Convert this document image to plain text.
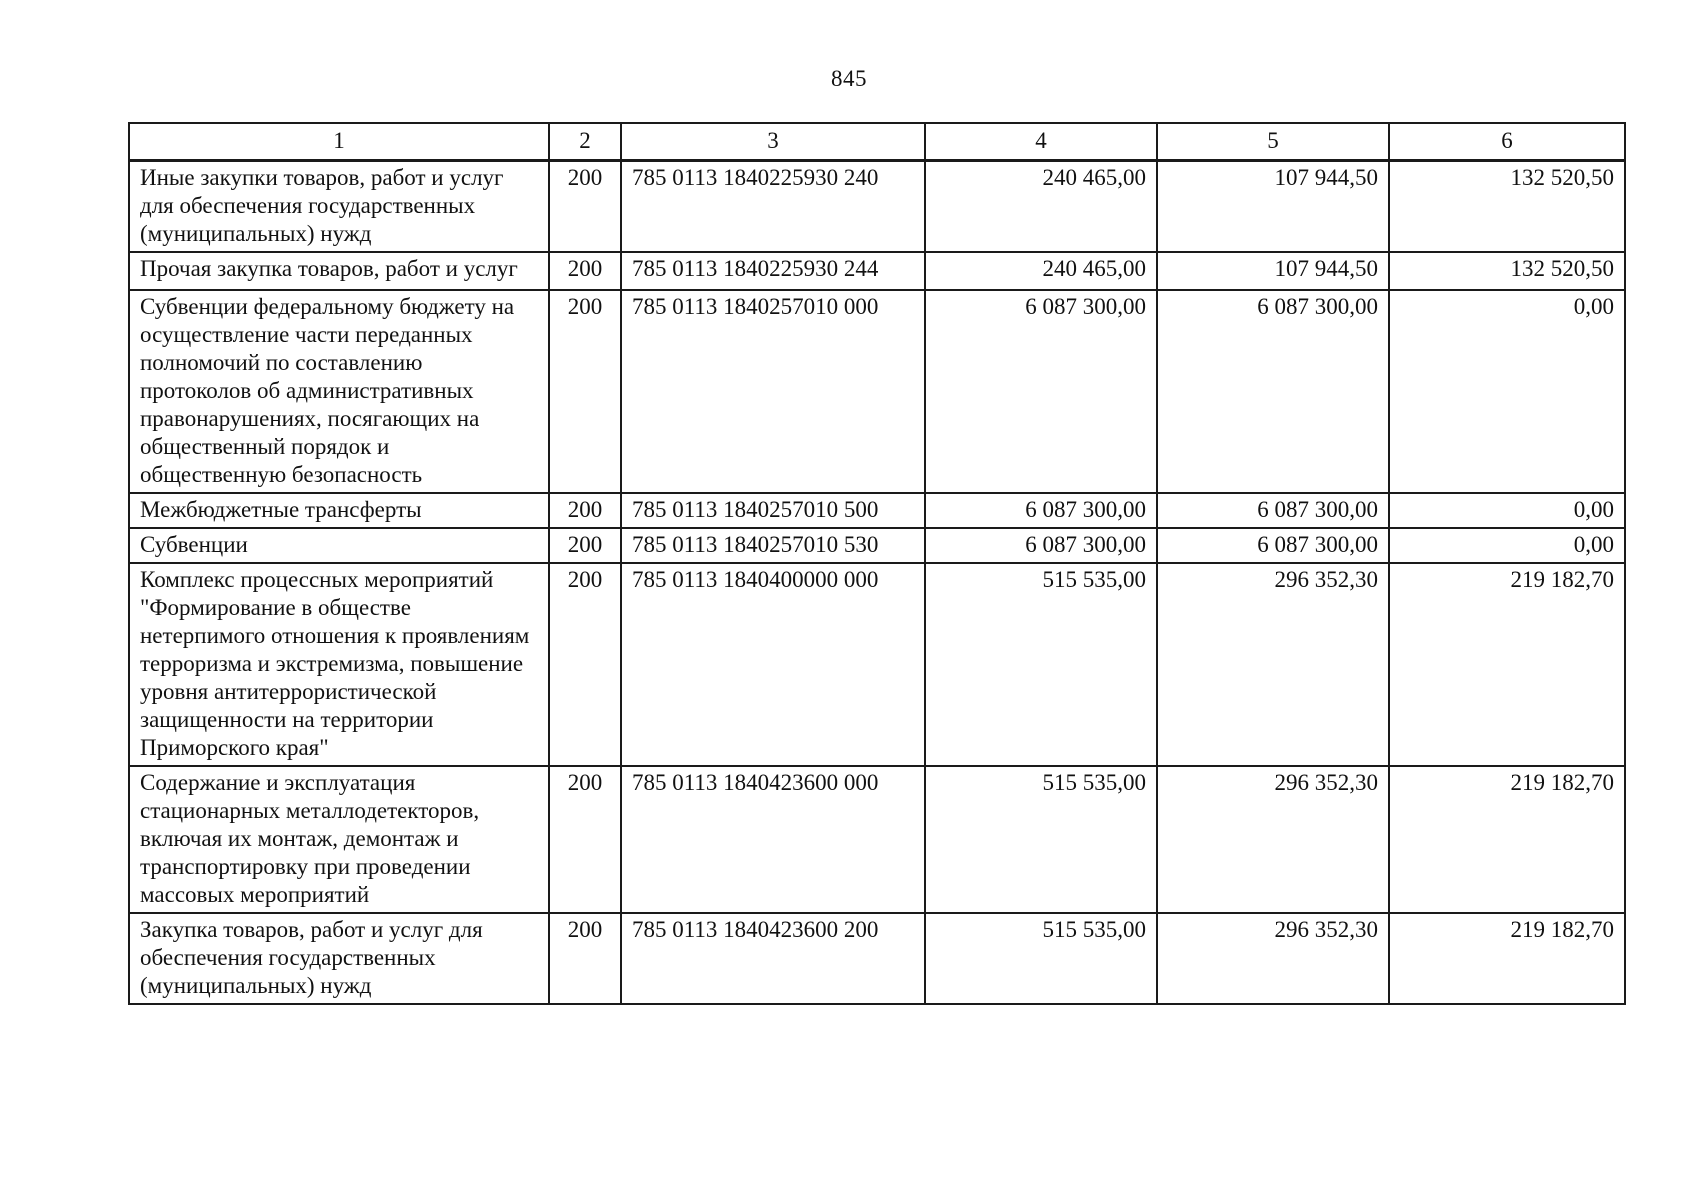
845
1	2	3	4	5	6
Иные закупки товаров, работ и услуг для обеспечения государственных (муниципальных) нужд	200	785 0113 1840225930 240	240 465,00	107 944,50	132 520,50
Прочая закупка товаров, работ и услуг	200	785 0113 1840225930 244	240 465,00	107 944,50	132 520,50
Субвенции федеральному бюджету на осуществление части переданных полномочий по составлению протоколов об административных правонарушениях, посягающих на общественный порядок и общественную безопасность	200	785 0113 1840257010 000	6 087 300,00	6 087 300,00	0,00
Межбюджетные трансферты	200	785 0113 1840257010 500	6 087 300,00	6 087 300,00	0,00
Субвенции	200	785 0113 1840257010 530	6 087 300,00	6 087 300,00	0,00
Комплекс процессных мероприятий "Формирование в обществе нетерпимого отношения к проявлениям терроризма и экстремизма, повышение уровня антитеррористической защищенности на территории Приморского края"	200	785 0113 1840400000 000	515 535,00	296 352,30	219 182,70
Содержание и эксплуатация стационарных металлодетекторов, включая их монтаж, демонтаж и транспортировку при проведении массовых мероприятий	200	785 0113 1840423600 000	515 535,00	296 352,30	219 182,70
Закупка товаров, работ и услуг для обеспечения государственных (муниципальных) нужд	200	785 0113 1840423600 200	515 535,00	296 352,30	219 182,70
